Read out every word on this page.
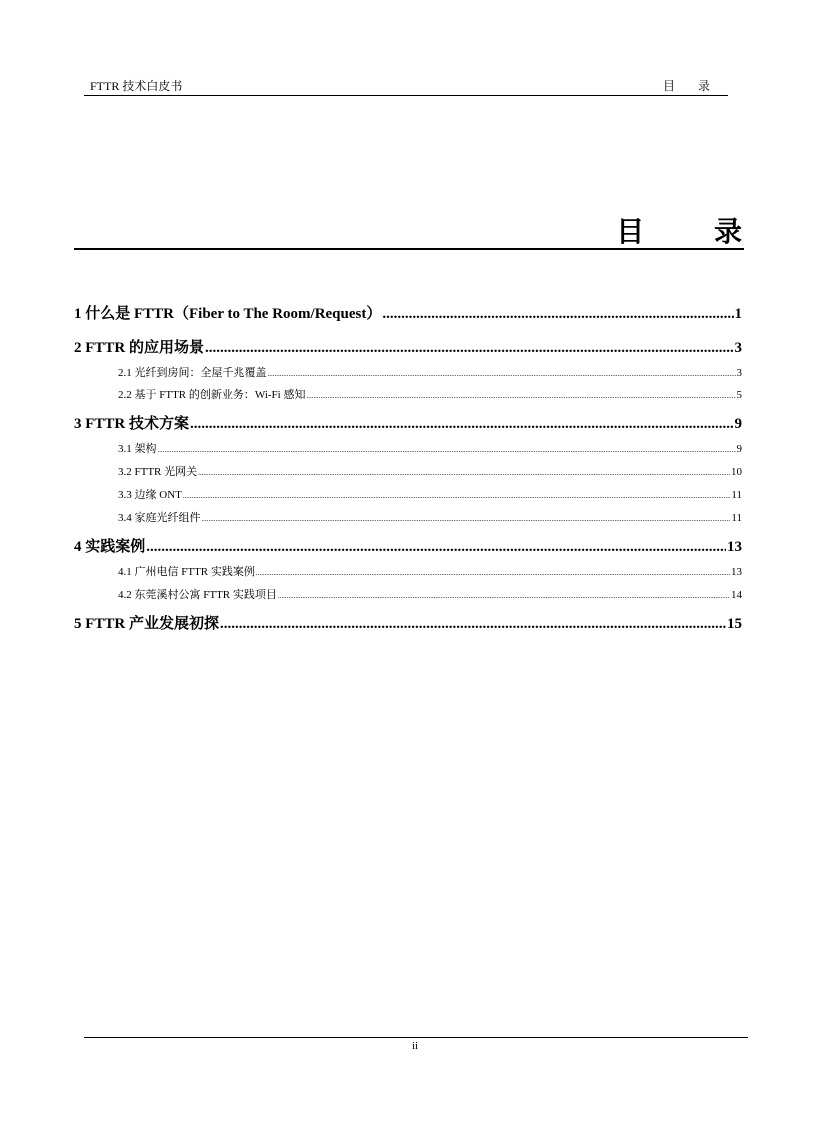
FTTR 技术白皮书	目 录
目 录
1 什么是 FTTR（Fiber to The Room/Request） .....	1
2 FTTR 的应用场景 .....	3
2.1 光纤到房间：全屋千兆覆盖 .....	3
2.2 基于 FTTR 的创新业务：Wi-Fi 感知 .....	5
3 FTTR 技术方案 .....	9
3.1 架构 .....	9
3.2 FTTR 光网关 .....	10
3.3 边缘 ONT .....	11
3.4 家庭光纤组件 .....	11
4 实践案例 .....	13
4.1 广州电信 FTTR 实践案例 .....	13
4.2 东莞溪村公寓 FTTR 实践项目 .....	14
5 FTTR 产业发展初探 .....	15
ii
